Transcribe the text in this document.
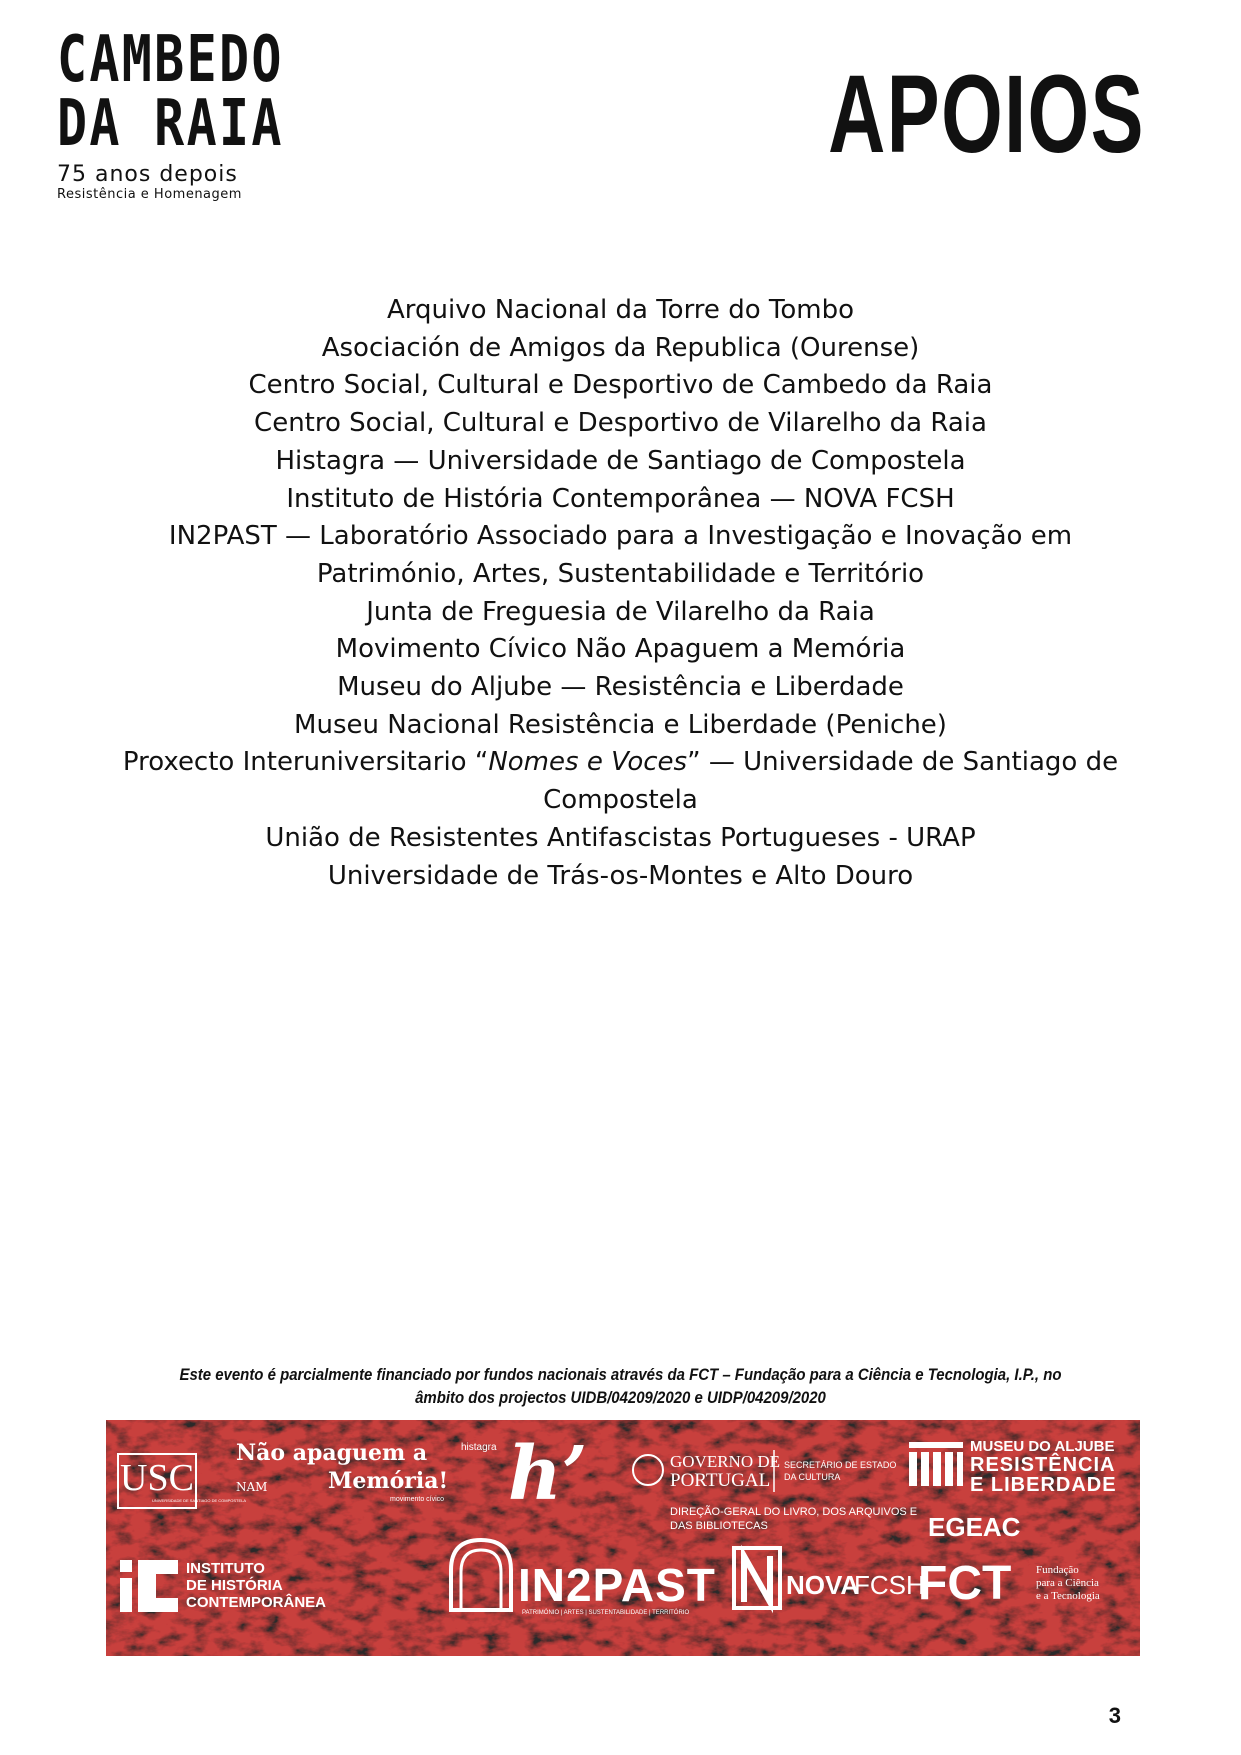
CAMBEDO
DA RAIA
75 anos depois
Resistência e Homenagem
APOIOS
Arquivo Nacional da Torre do Tombo
Asociación de Amigos da Republica (Ourense)
Centro Social, Cultural e Desportivo de Cambedo da Raia
Centro Social, Cultural e Desportivo de Vilarelho da Raia
Histagra — Universidade de Santiago de Compostela
Instituto de História Contemporânea — NOVA FCSH
IN2PAST — Laboratório Associado para a Investigação e Inovação em Património, Artes, Sustentabilidade e Território
Junta de Freguesia de Vilarelho da Raia
Movimento Cívico Não Apaguem a Memória
Museu do Aljube — Resistência e Liberdade
Museu Nacional Resistência e Liberdade (Peniche)
Proxecto Interuniversitario “Nomes e Voces” — Universidade de Santiago de Compostela
União de Resistentes Antifascistas Portugueses - URAP
Universidade de Trás-os-Montes e Alto Douro
Este evento é parcialmente financiado por fundos nacionais através da FCT – Fundação para a Ciência e Tecnologia, I.P., no âmbito dos projectos UIDB/04209/2020 e UIDP/04209/2020
USC
UNIVERSIDADE DE SANTIAGO DE COMPOSTELA
Não apaguem a
Memória!
NAM
movimento cívico
histagra h’	GOVERNO DE
PORTUGAL
SECRETÁRIO DE ESTADO
DA CULTURA
DIREÇÃO-GERAL DO LIVRO, DOS ARQUIVOS E
DAS BIBLIOTECAS
MUSEU DO ALJUBE
RESISTÊNCIA
E LIBERDADE
EGEAC
INSTITUTO
DE HISTÓRIA
CONTEMPORÂNEA	IN2PAST
PATRIMÓNIO | ARTES | SUSTENTABILIDADE | TERRITÓRIO
NOVA
FCSH
FCT Fundação
para a Ciência
e a Tecnologia
3
